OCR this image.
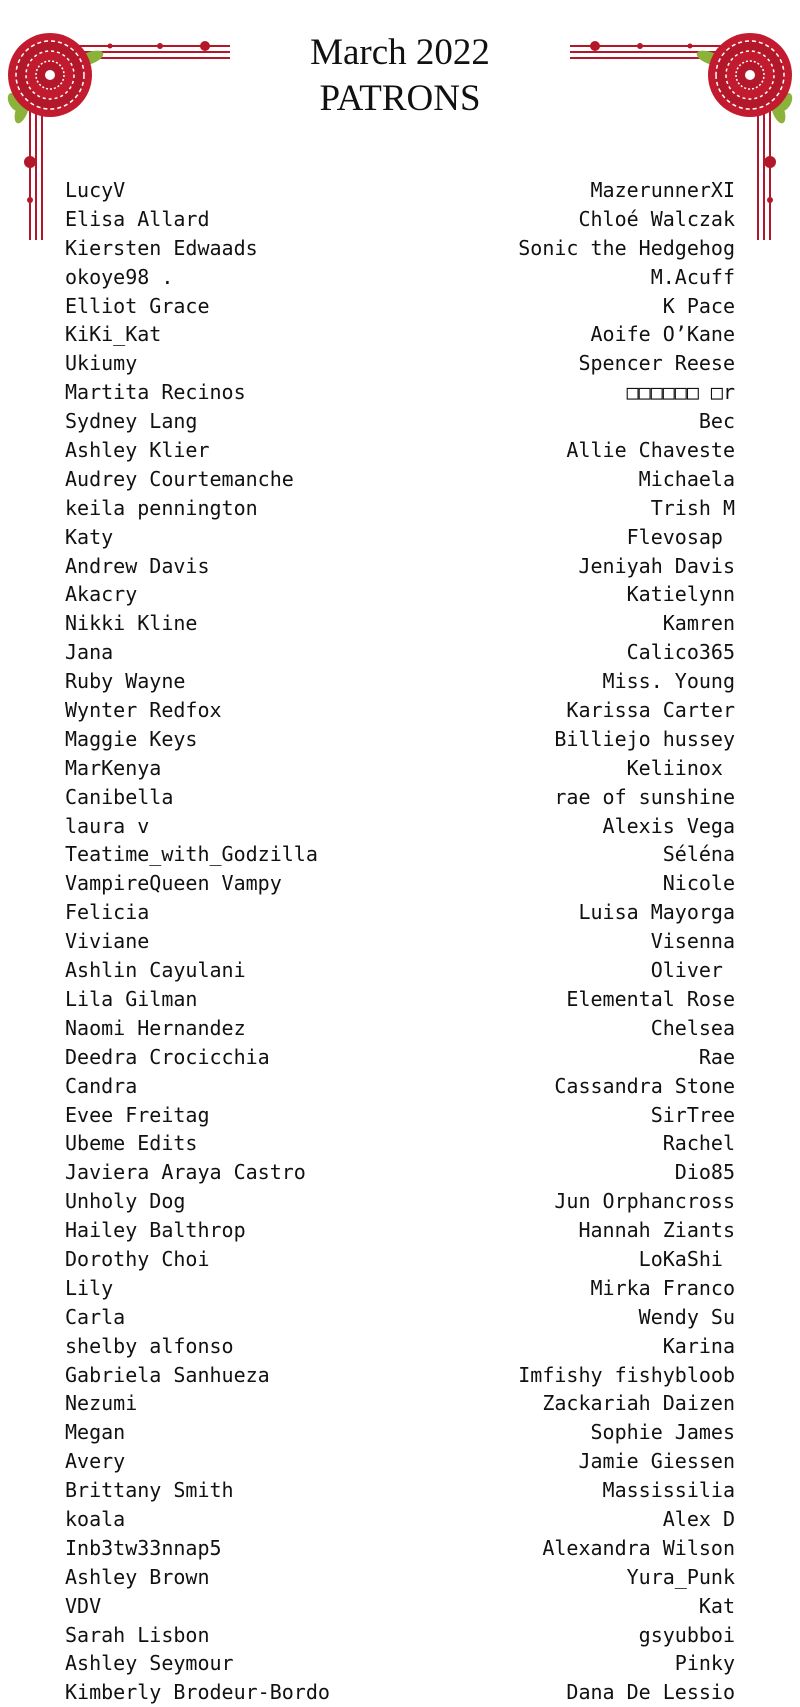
March 2022
PATRONS
LucyV	MazerunnerXI
Elisa Allard	Chloé Walczak
Kiersten Edwaads	Sonic the Hedgehog
okoye98 .	M.Acuff
Elliot Grace	K Pace
KiKi_Kat	Aoife O’Kane
Ukiumy	Spencer Reese
Martita Recinos	□□□□□□ □r
Sydney Lang	Bec
Ashley Klier	Allie Chaveste
Audrey Courtemanche	Michaela
keila pennington	Trish M
Katy	Flevosap
Andrew Davis	Jeniyah Davis
Akacry	Katielynn
Nikki Kline	Kamren
Jana	Calico365
Ruby Wayne	Miss. Young
Wynter Redfox	Karissa Carter
Maggie Keys	Billiejo hussey
MarKenya	Keliinox
Canibella	rae of sunshine
laura v	Alexis Vega
Teatime_with_Godzilla	Séléna
VampireQueen Vampy	Nicole
Felicia	Luisa Mayorga
Viviane	Visenna
Ashlin Cayulani	Oliver
Lila Gilman	Elemental Rose
Naomi Hernandez	Chelsea
Deedra Crocicchia	Rae
Candra	Cassandra Stone
Evee Freitag	SirTree
Ubeme Edits	Rachel
Javiera Araya Castro	Dio85
Unholy Dog	Jun Orphancross
Hailey Balthrop	Hannah Ziants
Dorothy Choi	LoKaShi
Lily	Mirka Franco
Carla	Wendy Su
shelby alfonso	Karina
Gabriela Sanhueza	Imfishy fishybloob
Nezumi	Zackariah Daizen
Megan	Sophie James
Avery	Jamie Giessen
Brittany Smith	Massissilia
koala	Alex D
Inb3tw33nnap5	Alexandra Wilson
Ashley Brown	Yura_Punk
VDV	Kat
Sarah Lisbon	gsyubboi
Ashley Seymour	Pinky
Kimberly Brodeur-Bordo	Dana De Lessio
